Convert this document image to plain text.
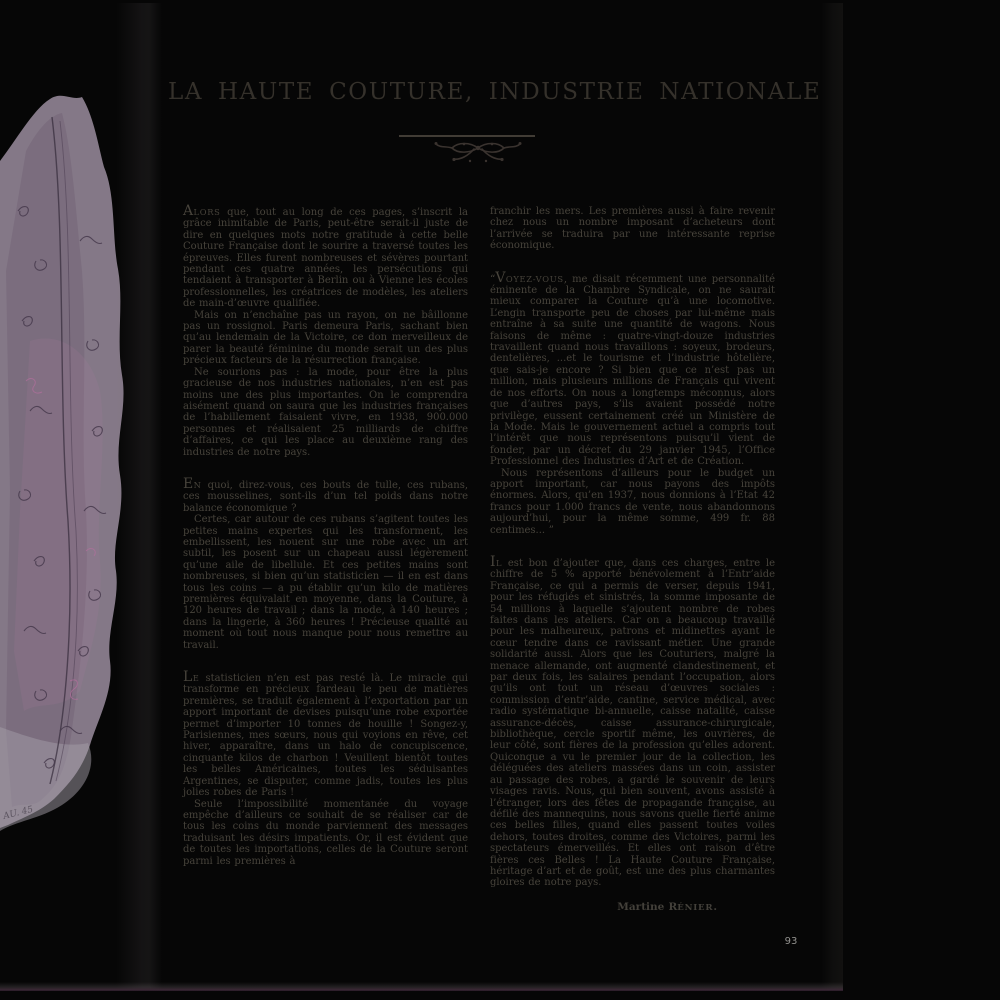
AU. 45
LA HAUTE COUTURE, INDUSTRIE NATIONALE

ALORS que, tout au long de ces pages, s’inscrit la grâce inimitable de Paris, peut-être serait-il juste de dire en quelques mots notre gratitude à cette belle Couture Française dont le sourire a traversé toutes les épreuves. Elles furent nombreuses et sévères pourtant pendant ces quatre années, les persécutions qui tendaient à transporter à Berlin ou à Vienne les écoles professionnelles, les créatrices de modèles, les ateliers de main-d’œuvre qualifiée.

Mais on n’enchaîne pas un rayon, on ne bâillonne pas un rossignol. Paris demeura Paris, sachant bien qu’au lendemain de la Victoire, ce don merveilleux de parer la beauté féminine du monde serait un des plus précieux facteurs de la résurrection française.

Ne sourions pas : la mode, pour être la plus gracieuse de nos industries nationales, n’en est pas moins une des plus importantes. On le comprendra aisément quand on saura que les industries françaises de l’habillement faisaient vivre, en 1938, 900.000 personnes et réalisaient 25 milliards de chiffre d’affaires, ce qui les place au deuxième rang des industries de notre pays.

EN quoi, direz-vous, ces bouts de tulle, ces rubans, ces mousselines, sont-ils d’un tel poids dans notre balance économique ?

Certes, car autour de ces rubans s’agitent toutes les petites mains expertes qui les transforment, les embellissent, les nouent sur une robe avec un art subtil, les posent sur un chapeau aussi légèrement qu’une aile de libellule. Et ces petites mains sont nombreuses, si bien qu’un statisticien — il en est dans tous les coins — a pu établir qu’un kilo de matières premières équivalait en moyenne, dans la Couture, à 120 heures de travail ; dans la mode, à 140 heures ; dans la lingerie, à 360 heures ! Précieuse qualité au moment où tout nous manque pour nous remettre au travail.

LE statisticien n’en est pas resté là. Le miracle qui transforme en précieux fardeau le peu de matières premières, se traduit également à l’exportation par un apport important de devises puisqu’une robe exportée permet d’importer 10 tonnes de houille ! Songez-y, Parisiennes, mes sœurs, nous qui voyions en rêve, cet hiver, apparaître, dans un halo de concupiscence, cinquante kilos de charbon ! Veuillent bientôt toutes les belles Américaines, toutes les séduisantes Argentines, se disputer, comme jadis, toutes les plus jolies robes de Paris !

Seule l’impossibilité momentanée du voyage empêche d’ailleurs ce souhait de se réaliser car de tous les coins du monde parviennent des messages traduisant les désirs impatients. Or, il est évident que de toutes les importations, celles de la Couture seront parmi les premières à

franchir les mers. Les premières aussi à faire revenir chez nous un nombre imposant d’acheteurs dont l’arrivée se traduira par une intéressante reprise économique.

“VOYEZ-VOUS, me disait récemment une personnalité éminente de la Chambre Syndicale, on ne saurait mieux comparer la Couture qu’à une locomotive. L’engin transporte peu de choses par lui-même mais entraîne à sa suite une quantité de wagons. Nous faisons de même : quatre-vingt-douze industries travaillent quand nous travaillons : soyeux, brodeurs, dentelières, ...et le tourisme et l’industrie hôtelière, que sais-je encore ? Si bien que ce n’est pas un million, mais plusieurs millions de Français qui vivent de nos efforts. On nous a longtemps méconnus, alors que d’autres pays, s’ils avaient possédé notre privilège, eussent certainement créé un Ministère de la Mode. Mais le gouvernement actuel a compris tout l’intérêt que nous représentons puisqu’il vient de fonder, par un décret du 29 janvier 1945, l’Office Professionnel des Industries d’Art et de Création.

Nous représentons d’ailleurs pour le budget un apport important, car nous payons des impôts énormes. Alors, qu’en 1937, nous donnions à l’Etat 42 francs pour 1.000 francs de vente, nous abandonnons aujourd’hui, pour la même somme, 499 fr. 88 centimes... ”

IL est bon d’ajouter que, dans ces charges, entre le chiffre de 5 % apporté bénévolement à l’Entr’aide Française, ce qui a permis de verser, depuis 1941, pour les réfugiés et sinistrés, la somme imposante de 54 millions à laquelle s’ajoutent nombre de robes faites dans les ateliers. Car on a beaucoup travaillé pour les malheureux, patrons et midinettes ayant le cœur tendre dans ce ravissant métier. Une grande solidarité aussi. Alors que les Couturiers, malgré la menace allemande, ont augmenté clandestinement, et par deux fois, les salaires pendant l’occupation, alors qu’ils ont tout un réseau d’œuvres sociales : commission d’entr’aide, cantine, service médical, avec radio systématique bi-annuelle, caisse natalité, caisse assurance-décès, caisse assurance-chirurgicale, bibliothèque, cercle sportif même, les ouvrières, de leur côté, sont fières de la profession qu’elles adorent. Quiconque a vu le premier jour de la collection, les déléguées des ateliers massées dans un coin, assister au passage des robes, a gardé le souvenir de leurs visages ravis. Nous, qui bien souvent, avons assisté à l’étranger, lors des fêtes de propagande française, au défilé des mannequins, nous savons quelle fierté anime ces belles filles, quand elles passent toutes voiles dehors, toutes droites, comme des Victoires, parmi les spectateurs émerveillés. Et elles ont raison d’être fières ces Belles ! La Haute Couture Française, héritage d’art et de goût, est une des plus charmantes gloires de notre pays.

Martine RÉNIER.

93
